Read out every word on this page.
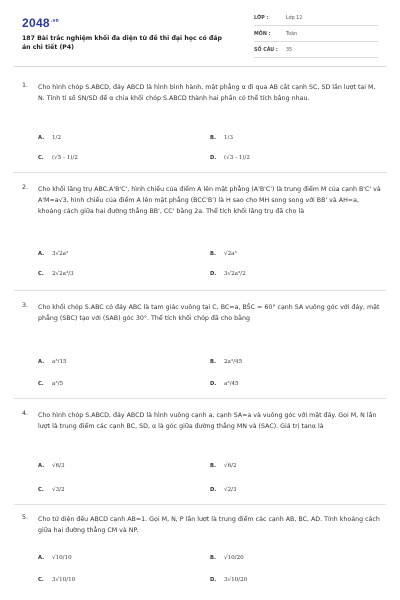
$2048^{.vn}$
187 Bài trắc nghiệm khối đa diện từ đề thi đại học có đáp án chi tiết (P4)
LỚP :	Lớp 12
MÔN :	Toán
SỐ CÂU : 35
1. Cho hình chóp S.ABCD, đáy ABCD là hình bình hành, mặt phẳng α đi qua AB cắt cạnh SC, SD lần lượt tại M, N. Tính tỉ số SN/SD để α chia khối chóp S.ABCD thành hai phần có thể tích bằng nhau.
A. 1/2	B. 1/3
C. (√5 - 1)/2	D. (√3 - 1)/2
2. Cho khối lăng trụ ABC.A'B'C', hình chiếu của điểm A lên mặt phẳng (A'B'C') là trung điểm M của cạnh B'C' và A'M=a√3, hình chiếu của điểm A lên mặt phẳng (BCC'B') là H sao cho MH song song với BB' và AH=a, khoảng cách giữa hai đường thẳng BB', CC' bằng 2a. Thể tích khối lăng trụ đã cho là
A. 3√2a³	B. √2a³
C. 2√2a³/3	D. 3√2a³/2
3. Cho khối chóp S.ABC có đáy ABC là tam giác vuông tại C, BC=a, BŜC = 60° cạnh SA vuông góc với đáy, mặt phẳng (SBC) tạo với (SAB) góc 30°. Thể tích khối chóp đã cho bằng
A. a³/15	B. 2a³/45
C. a³/5	D. a³/45
4. Cho hình chóp S.ABCD, đáy ABCD là hình vuông cạnh a, cạnh SA=a và vuông góc với mặt đáy. Gọi M, N lần lượt là trung điểm các cạnh BC, SD, α là góc giữa đường thẳng MN và (SAC). Giá trị tanα là
A. √6/3	B. √6/2
C. √3/2	D. √2/3
5. Cho tứ diện đều ABCD cạnh AB=1. Gọi M, N, P lần lượt là trung điểm các cạnh AB, BC, AD. Tính khoảng cách giữa hai đường thẳng CM và NP.
A. √10/10	B. √10/20
C. 3√10/10	D. 3√10/20
